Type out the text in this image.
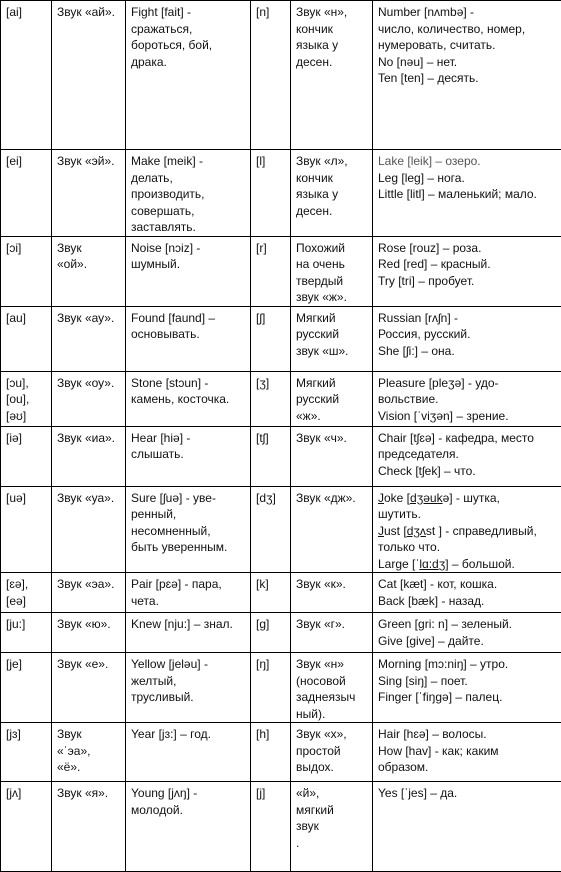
[ai]	Звук «ай».	Fight [fait] -
сражаться,
бороться, бой,
драка.	[n]	Звук «н»,
кончик
языка у
десен.	Number [nʌmbə] -
число, количество, номер,
нумеровать, считать.
No [nəu] – нет.
Ten [ten] – десять.

[ei]	Звук «эй».	Make [meik] -
делать,
производить,
совершать,
заставлять.	[l]	Звук «л»,
кончик
языка у
десен.	Lake [leik] – озеро.
Leg [leg] – нога.
Little [litl] – маленький; мало.

[ɔi]	Звук
«ой».	Noise [nɔiz] -
шумный.	[r]	Похожий
на очень
твердый
звук «ж».	Rose [rouz] – роза.
Red [red] – красный.
Try [tri] – пробует.

[au]	Звук «ау».	Found [faund] –
основывать.	[ʃ]	Мягкий
русский
звук «ш».	Russian [rʌʃn] -
Россия, русский.
She [ʃi:] – она.

[ɔu],
[ou],
[əʊ]	Звук «оу».	Stone [stɔun] -
камень, косточка.	[ʒ]	Мягкий
русский
«ж».	Pleasure [pleʒə] - удо-
вольствие.
Vision [ˈviʒən] – зрение.

[iə]	Звук «иа».	Hear [hiə] -
слышать.	[tʃ]	Звук «ч».	Chair [tʃɛə] - кафедра, место
председателя.
Check [tʃek] – что.

[uə]	Звук «уа».	Sure [ʃuə] - уве-
ренный,
несомненный,
быть уверенным.	[dʒ]	Звук «дж».	Joke [dʒəukə] - шутка,
шутить.
Just [dʒʌst ] - справедливый,
только что.
Large [ˈlɑ:dʒ] – большой.

[ɛə],
[eə]	Звук «эа».	Pair [pɛə] - пара,
чета.	[k]	Звук «к».	Cat [kæt] - кот, кошка.
Back [bæk] - назад.

[ju:]	Звук «ю».	Knew [nju:] – знал.	[g]	Звук «г».	Green [gri: n] – зеленый.
Give [give] – дайте.

[je]	Звук «е».	Yellow [jeləu] -
желтый,
трусливый.	[ŋ]	Звук «н»
(носовой
заднеязыч
ный).	Morning [mɔ:niŋ] – утро.
Sing [siŋ] – поет.
Finger [ˈfiŋgə] – палец.

[jɜ]	Звук
«ˈэа»,
«ё».	Year [jɜ:] – год.	[h]	Звук «х»,
простой
выдох.	Hair [hɛə] – волосы.
How [hav] - как; каким
образом.

[jʌ]	Звук «я».	Young [jʌŋ] -
молодой.	[j]	«й»,
мягкий
звук
.	Yes [ˈjes] – да.
